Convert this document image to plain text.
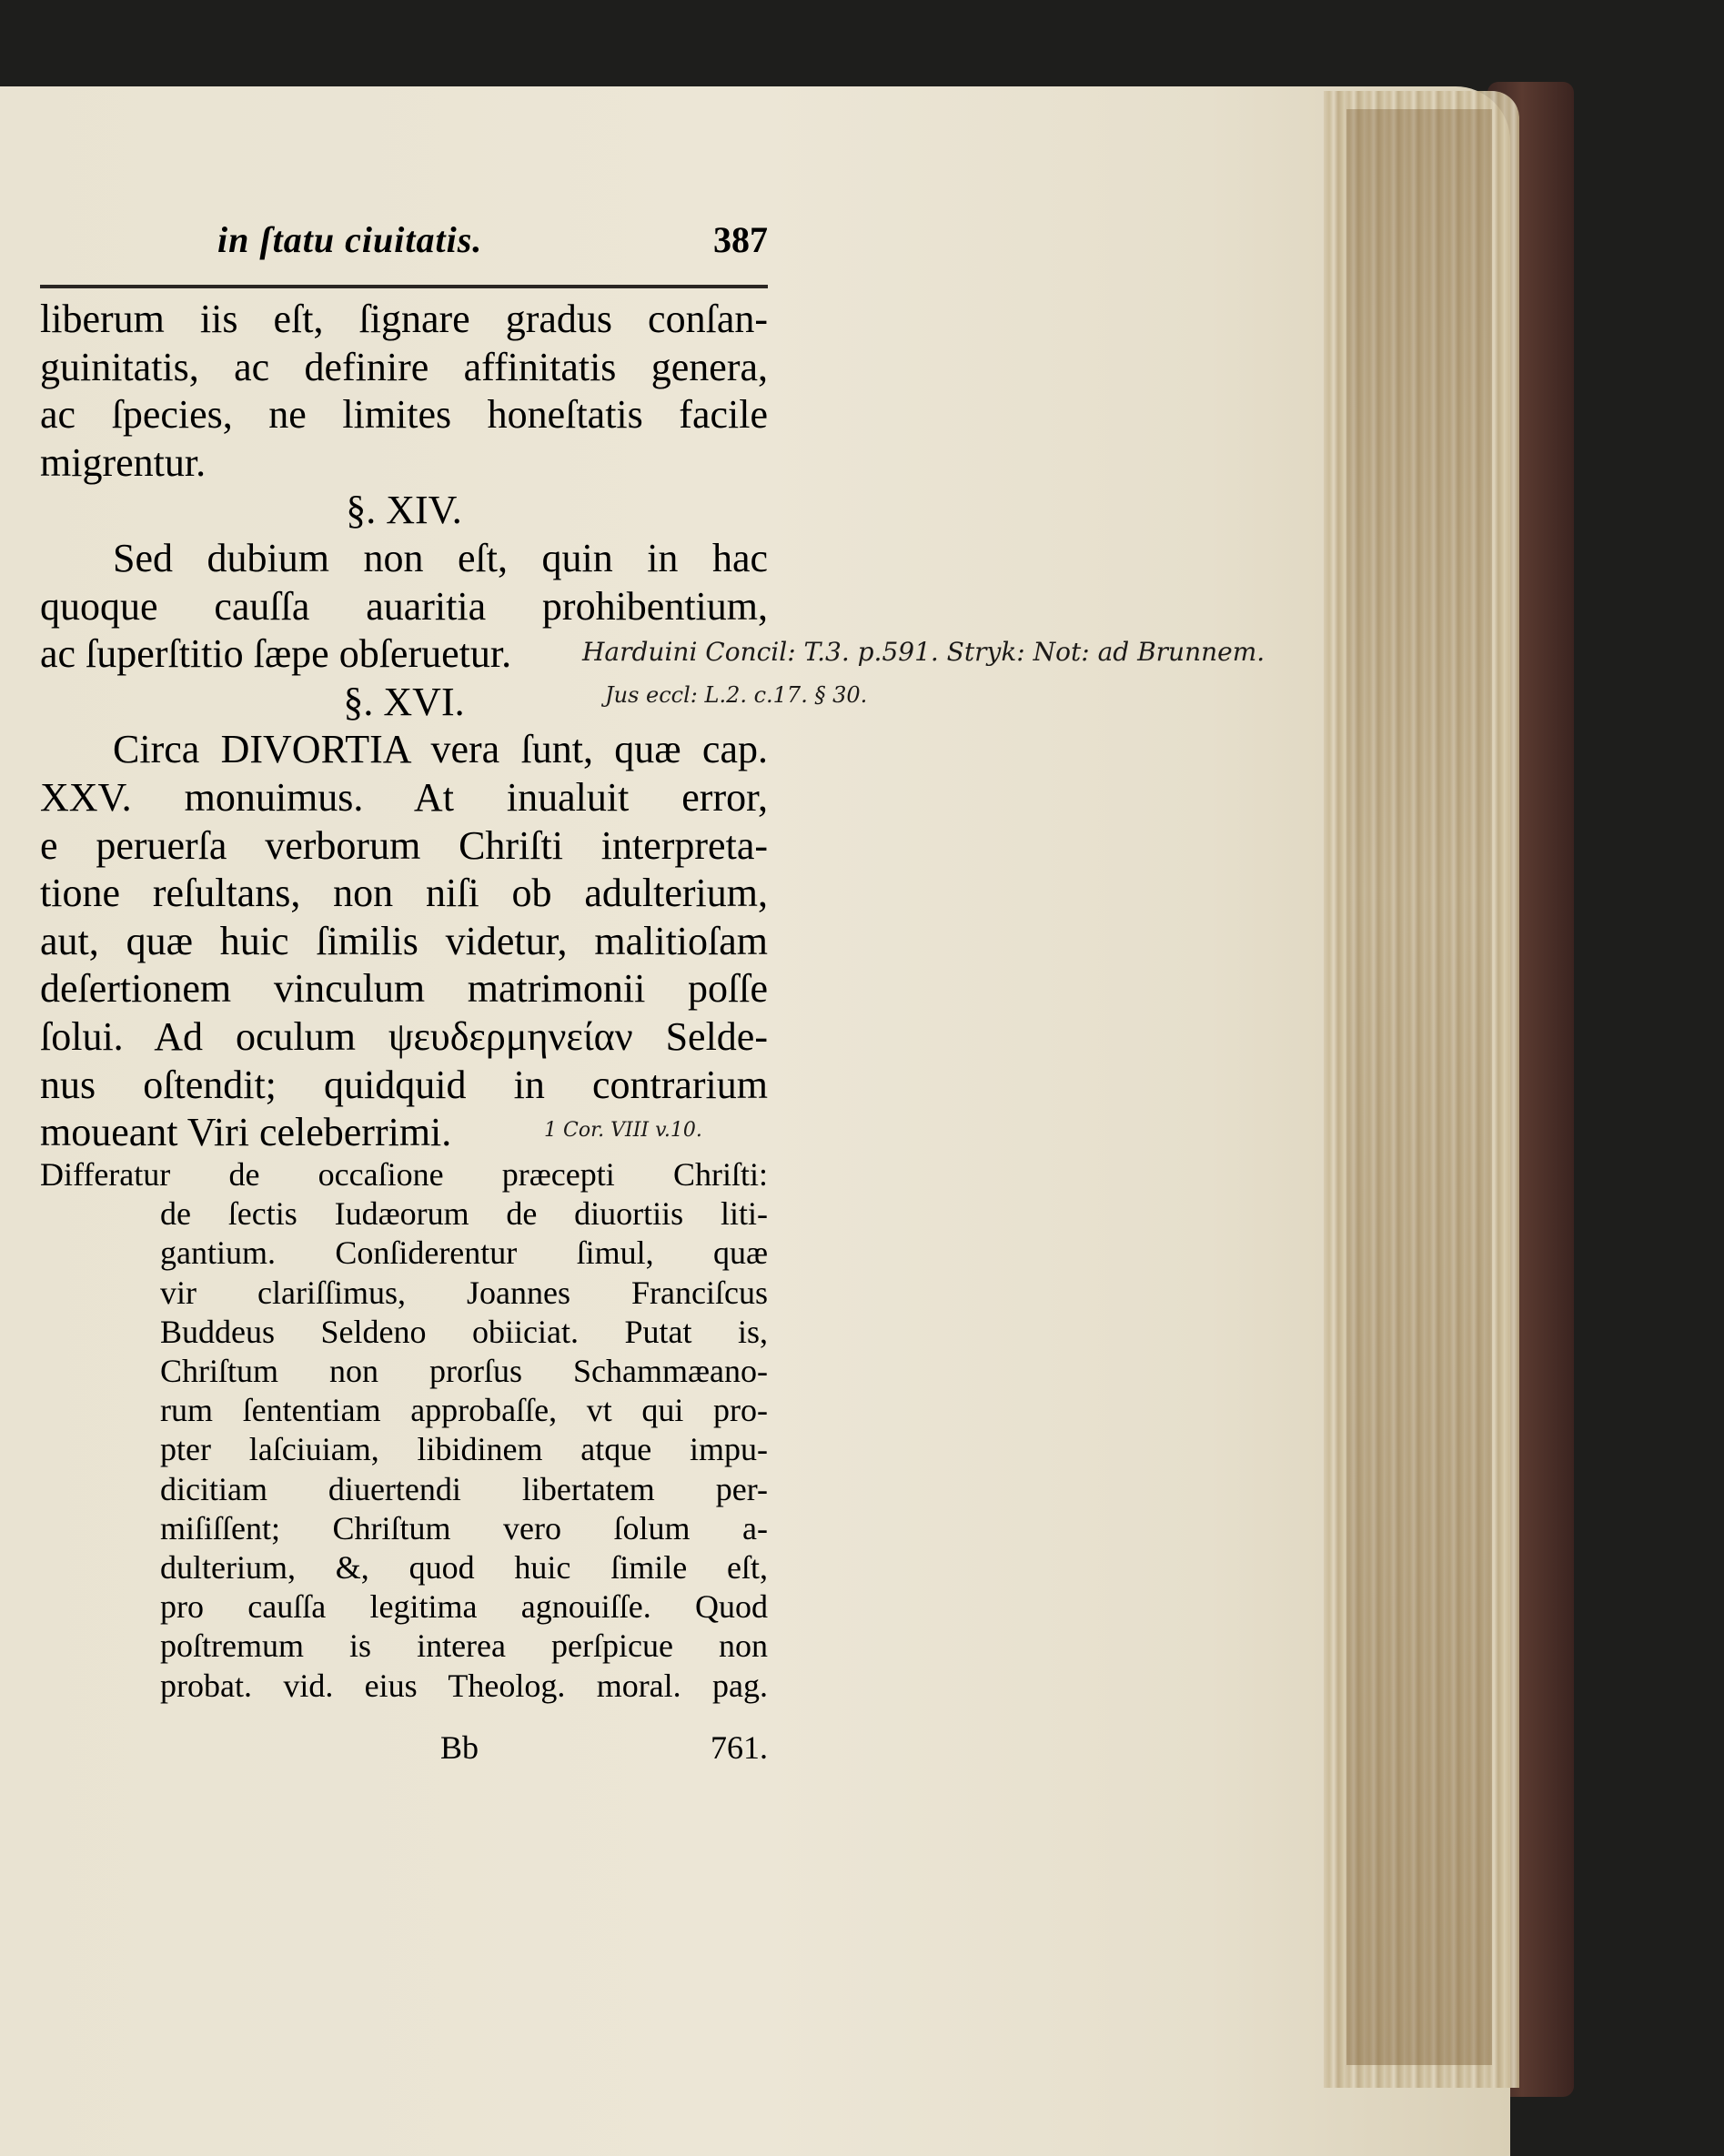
in ſtatu ciuitatis.	387
liberum iis eſt, ſignare gradus conſan-
guinitatis, ac definire affinitatis genera,
ac ſpecies, ne limites honeſtatis facile
migrentur.

§. XIV.

Sed dubium non eſt, quin in hac
quoque cauſſa auaritia prohibentium,
ac ſuperſtitio ſæpe obſeruetur.

§. XVI.

Circa DIVORTIA vera ſunt, quæ cap.
XXV. monuimus. At inualuit error,
e peruerſa verborum Chriſti interpreta-
tione reſultans, non niſi ob adulterium,
aut, quæ huic ſimilis videtur, malitioſam
deſertionem vinculum matrimonii poſſe
ſolui. Ad oculum ψευδερμηνείαν Selde-
nus oſtendit; quidquid in contrarium
moueant Viri celeberrimi.
Differatur de occaſione præcepti Chriſti:
de ſectis Iudæorum de diuortiis liti-
gantium. Conſiderentur ſimul, quæ
vir clariſſimus, Joannes Franciſcus
Buddeus Seldeno obiiciat. Putat is,
Chriſtum non prorſus Schammæano-
rum ſententiam approbaſſe, vt qui pro-
pter laſciuiam, libidinem atque impu-
dicitiam diuertendi libertatem per-
miſiſſent; Chriſtum vero ſolum a-
dulterium, &, quod huic ſimile eſt,
pro cauſſa legitima agnouiſſe. Quod
poſtremum is interea perſpicue non
probat. vid. eius Theolog. moral. pag.
Bb	761.
Harduini Concil: T.3. p.591. Stryk: Not: ad Brunnem.
Jus eccl: L.2. c.17. § 30.
1 Cor. VIII v.10.
